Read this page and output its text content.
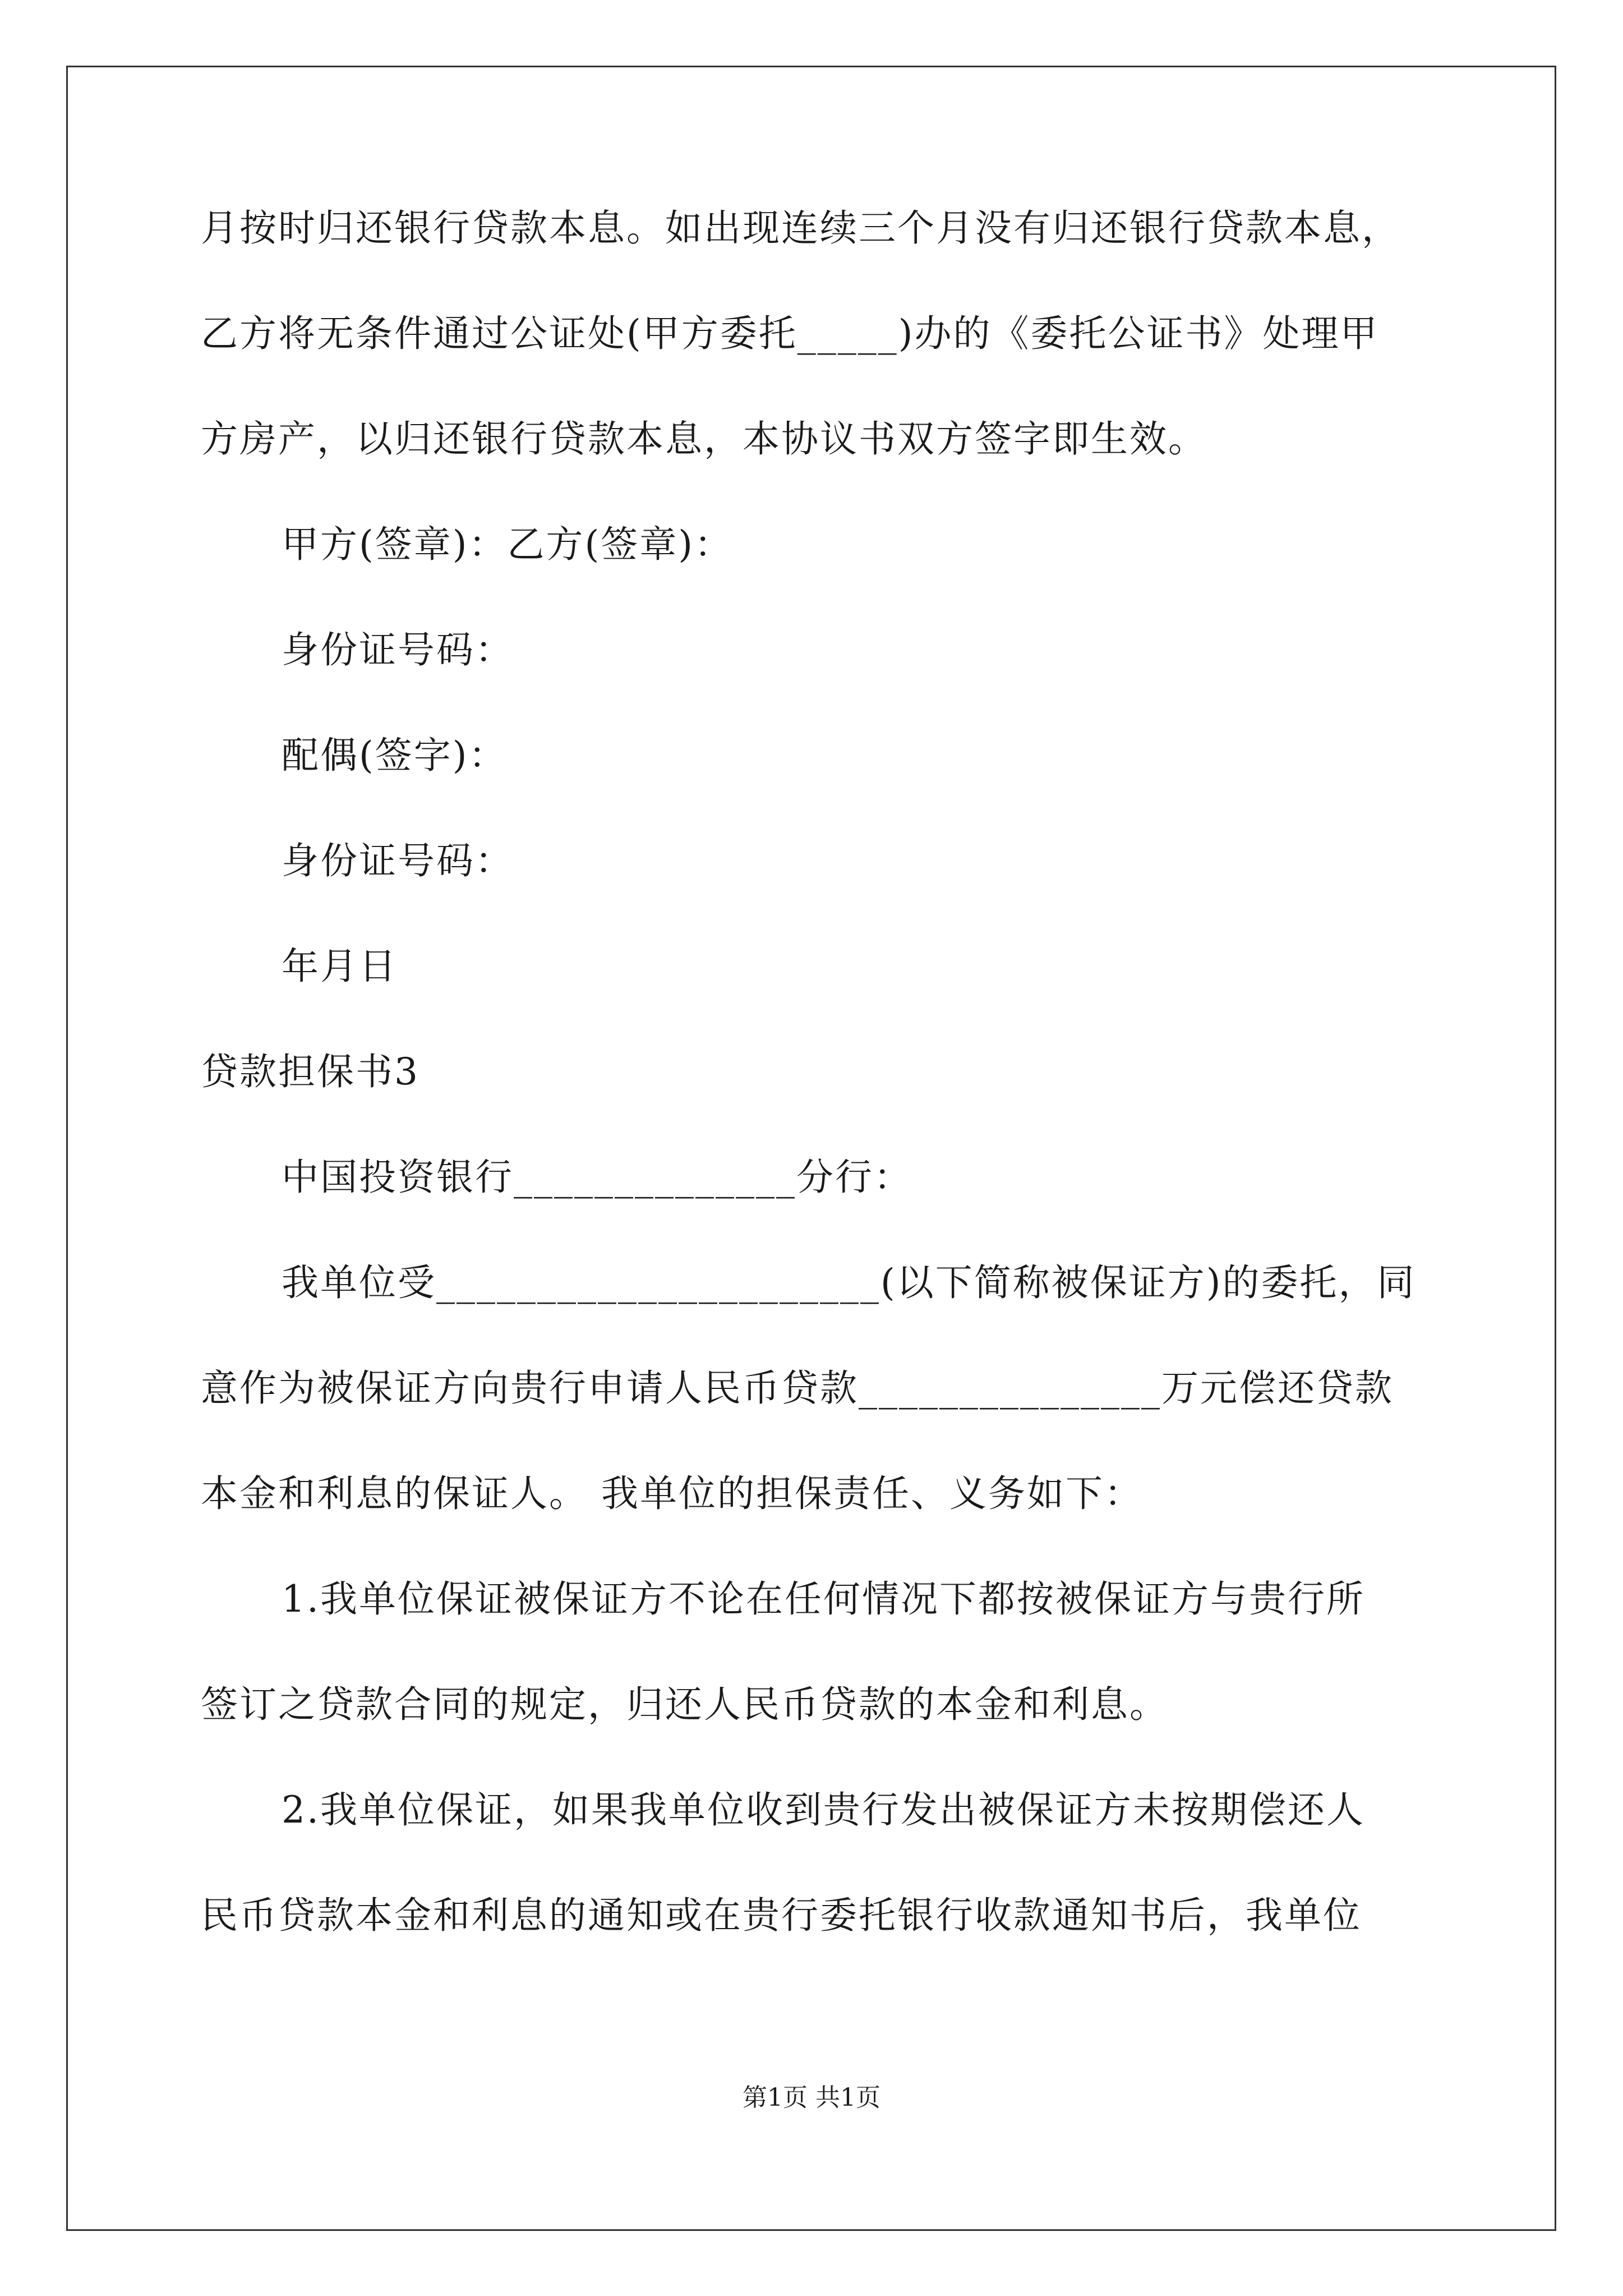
月按时归还银行贷款本息。如出现连续三个月没有归还银行贷款本息，
乙方将无条件通过公证处(甲方委托_____)办的《委托公证书》处理甲
方房产，以归还银行贷款本息，本协议书双方签字即生效。
甲方(签章)：乙方(签章)：
身份证号码：
配偶(签字)：
身份证号码：
年月日
贷款担保书3
中国投资银行______________分行：
我单位受______________________(以下简称被保证方)的委托，同
意作为被保证方向贵行申请人民币贷款_______________万元偿还贷款
本金和利息的保证人。 我单位的担保责任、义务如下：
1.我单位保证被保证方不论在任何情况下都按被保证方与贵行所
签订之贷款合同的规定，归还人民币贷款的本金和利息。
2.我单位保证，如果我单位收到贵行发出被保证方未按期偿还人
民币贷款本金和利息的通知或在贵行委托银行收款通知书后，我单位
第1页 共1页
